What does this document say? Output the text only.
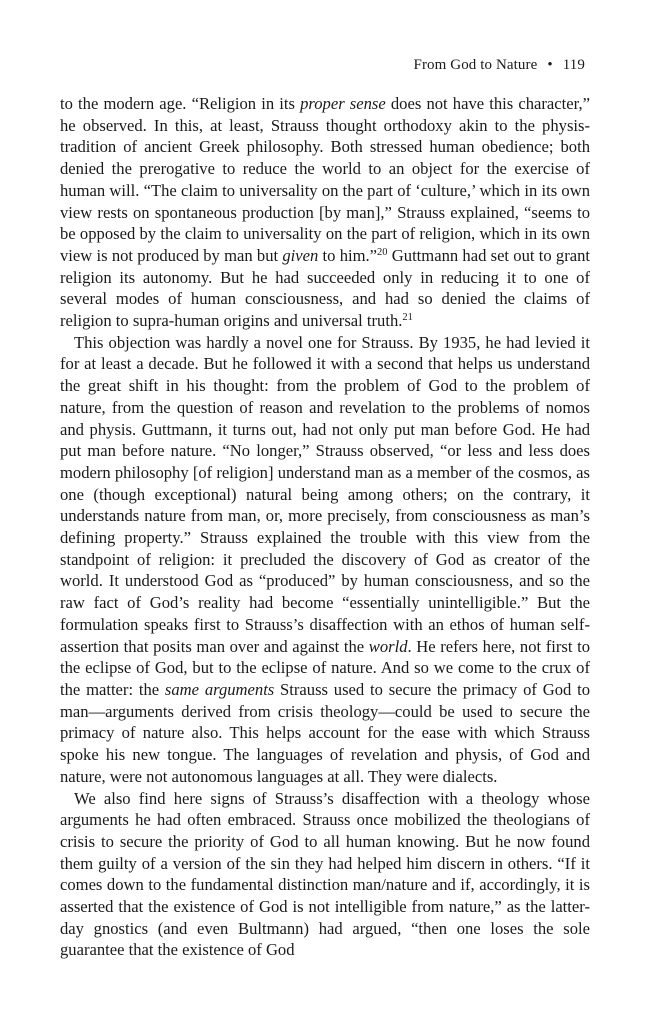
From God to Nature • 119

to the modern age. “Religion in its proper sense does not have this character,” he observed. In this, at least, Strauss thought orthodoxy akin to the physis-tradition of ancient Greek philosophy. Both stressed human obedience; both denied the prerogative to reduce the world to an object for the exercise of human will. “The claim to universality on the part of ‘culture,’ which in its own view rests on spontaneous production [by man],” Strauss explained, “seems to be opposed by the claim to universality on the part of religion, which in its own view is not produced by man but given to him.”$^{20}$ Guttmann had set out to grant religion its autonomy. But he had succeeded only in reducing it to one of several modes of human consciousness, and had so denied the claims of religion to supra-human origins and universal truth.$^{21}$

This objection was hardly a novel one for Strauss. By 1935, he had levied it for at least a decade. But he followed it with a second that helps us understand the great shift in his thought: from the problem of God to the problem of nature, from the question of reason and revelation to the problems of nomos and physis. Guttmann, it turns out, had not only put man before God. He had put man before nature. “No longer,” Strauss observed, “or less and less does modern philosophy [of religion] understand man as a member of the cosmos, as one (though exceptional) natural being among others; on the contrary, it understands nature from man, or, more precisely, from consciousness as man’s defining property.” Strauss explained the trouble with this view from the standpoint of religion: it precluded the discovery of God as creator of the world. It understood God as “produced” by human consciousness, and so the raw fact of God’s reality had become “essentially unintelligible.” But the formulation speaks first to Strauss’s disaffection with an ethos of human self-assertion that posits man over and against the world. He refers here, not first to the eclipse of God, but to the eclipse of nature. And so we come to the crux of the matter: the same arguments Strauss used to secure the primacy of God to man—arguments derived from crisis theology—could be used to secure the primacy of nature also. This helps account for the ease with which Strauss spoke his new tongue. The languages of revelation and physis, of God and nature, were not autonomous languages at all. They were dialects.

We also find here signs of Strauss’s disaffection with a theology whose arguments he had often embraced. Strauss once mobilized the theologians of crisis to secure the priority of God to all human knowing. But he now found them guilty of a version of the sin they had helped him discern in others. “If it comes down to the fundamental distinction man/nature and if, accordingly, it is asserted that the existence of God is not intelligible from nature,” as the latter-day gnostics (and even Bultmann) had argued, “then one loses the sole guarantee that the existence of God
